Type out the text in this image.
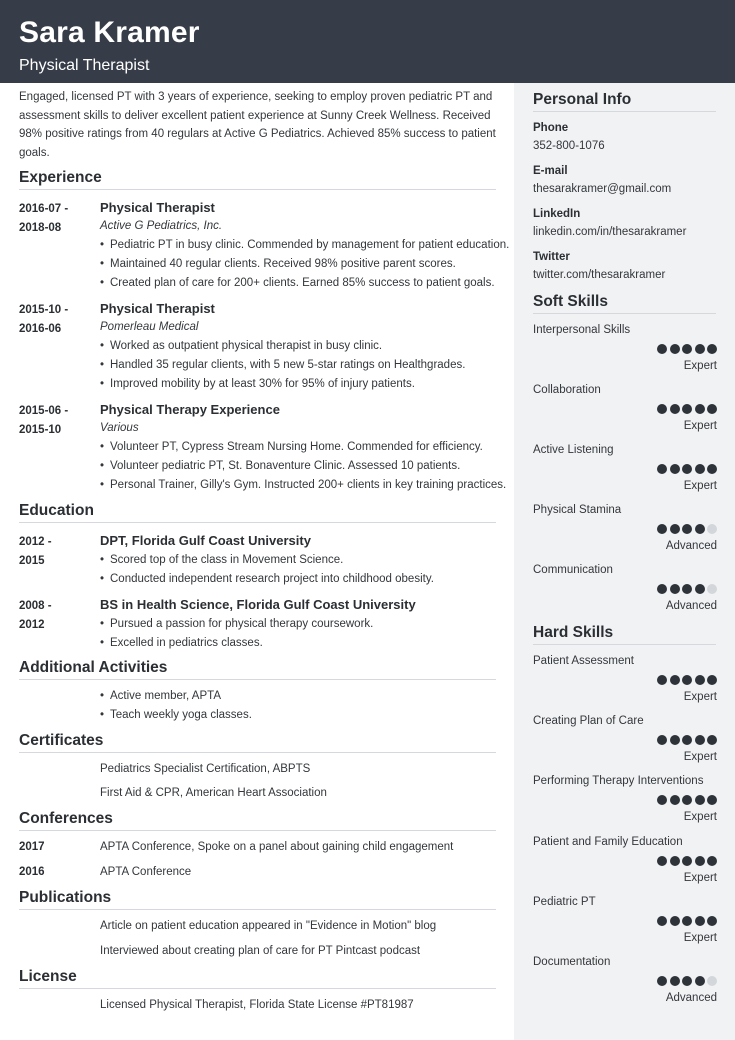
Sara Kramer
Physical Therapist
Personal Info
Phone
352-800-1076
E-mail
thesarakramer@gmail.com
LinkedIn
linkedin.com/in/thesarakramer
Twitter
twitter.com/thesarakramer
Soft Skills
Interpersonal Skills
Expert
Collaboration
Expert
Active Listening
Expert
Physical Stamina
Advanced
Communication
Advanced
Hard Skills
Patient Assessment
Expert
Creating Plan of Care
Expert
Performing Therapy Interventions
Expert
Patient and Family Education
Expert
Pediatric PT
Expert
Documentation
Advanced
Engaged, licensed PT with 3 years of experience, seeking to employ proven pediatric PT and assessment skills to deliver excellent patient experience at Sunny Creek Wellness. Received 98% positive ratings from 40 regulars at Active G Pediatrics. Achieved 85% success to patient goals.
Experience
2016-07 -
2018-08
Physical Therapist
Active G Pediatrics, Inc.
• Pediatric PT in busy clinic. Commended by management for patient education.
• Maintained 40 regular clients. Received 98% positive parent scores.
• Created plan of care for 200+ clients. Earned 85% success to patient goals.
2015-10 -
2016-06
Physical Therapist
Pomerleau Medical
• Worked as outpatient physical therapist in busy clinic.
• Handled 35 regular clients, with 5 new 5-star ratings on Healthgrades.
• Improved mobility by at least 30% for 95% of injury patients.
2015-06 -
2015-10
Physical Therapy Experience
Various
• Volunteer PT, Cypress Stream Nursing Home. Commended for efficiency.
• Volunteer pediatric PT, St. Bonaventure Clinic. Assessed 10 patients.
• Personal Trainer, Gilly's Gym. Instructed 200+ clients in key training practices.
Education
2012 -
2015
DPT, Florida Gulf Coast University
• Scored top of the class in Movement Science.
• Conducted independent research project into childhood obesity.
2008 -
2012
BS in Health Science, Florida Gulf Coast University
• Pursued a passion for physical therapy coursework.
• Excelled in pediatrics classes.
Additional Activities
• Active member, APTA
• Teach weekly yoga classes.
Certificates
Pediatrics Specialist Certification, ABPTS
First Aid & CPR, American Heart Association
Conferences
2017	APTA Conference, Spoke on a panel about gaining child engagement
2016	APTA Conference
Publications
Article on patient education appeared in "Evidence in Motion" blog
Interviewed about creating plan of care for PT Pintcast podcast
License
Licensed Physical Therapist, Florida State License #PT81987
